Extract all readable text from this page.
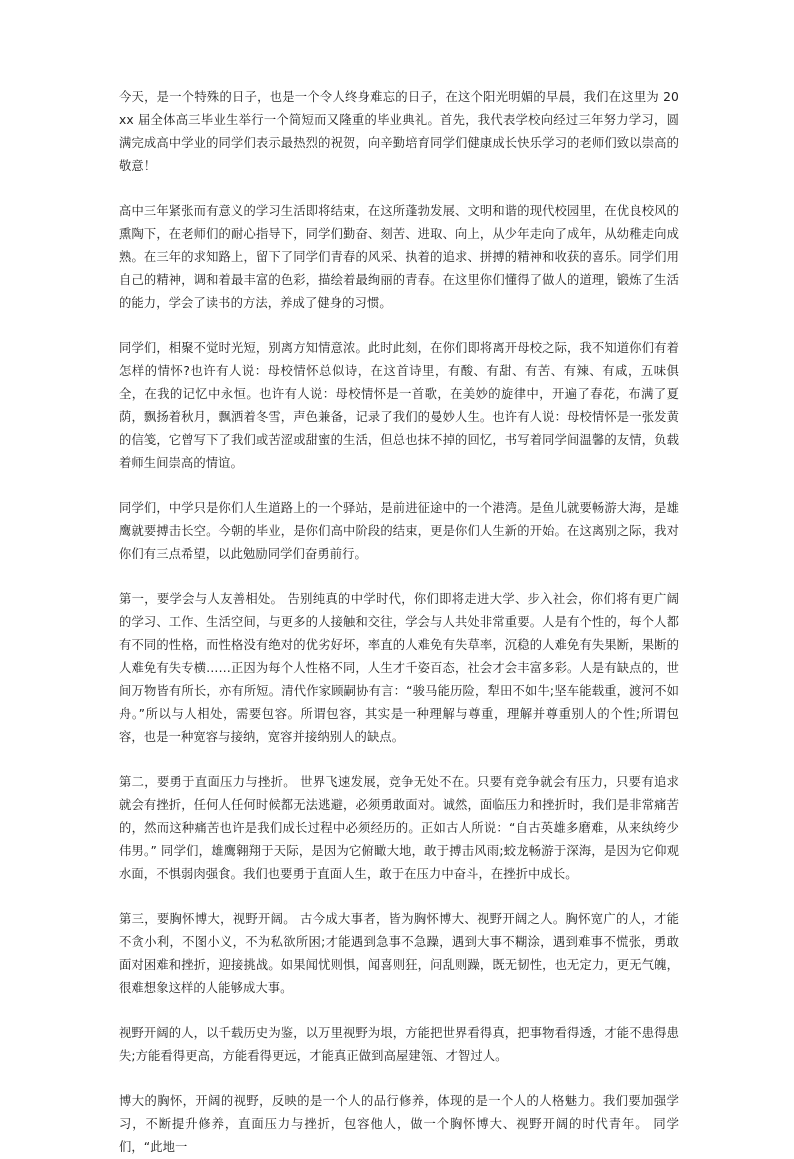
今天，是一个特殊的日子，也是一个令人终身难忘的日子，在这个阳光明媚的早晨，我们在这里为 20xx 届全体高三毕业生举行一个简短而又隆重的毕业典礼。首先，我代表学校向经过三年努力学习，圆满完成高中学业的同学们表示最热烈的祝贺，向辛勤培育同学们健康成长快乐学习的老师们致以崇高的敬意！

高中三年紧张而有意义的学习生活即将结束，在这所蓬勃发展、文明和谐的现代校园里，在优良校风的熏陶下，在老师们的耐心指导下，同学们勤奋、刻苦、进取、向上，从少年走向了成年，从幼稚走向成熟。在三年的求知路上，留下了同学们青春的风采、执着的追求、拼搏的精神和收获的喜乐。同学们用自己的精神，调和着最丰富的色彩，描绘着最绚丽的青春。在这里你们懂得了做人的道理，锻炼了生活的能力，学会了读书的方法，养成了健身的习惯。

同学们，相聚不觉时光短，别离方知情意浓。此时此刻，在你们即将离开母校之际，我不知道你们有着怎样的情怀?也许有人说：母校情怀总似诗，在这首诗里，有酸、有甜、有苦、有辣、有咸，五味俱全，在我的记忆中永恒。也许有人说：母校情怀是一首歌，在美妙的旋律中，开遍了春花，布满了夏荫，飘扬着秋月，飘洒着冬雪，声色兼备，记录了我们的曼妙人生。也许有人说：母校情怀是一张发黄的信笺，它曾写下了我们或苦涩或甜蜜的生活，但总也抹不掉的回忆，书写着同学间温馨的友情，负载着师生间崇高的情谊。

同学们，中学只是你们人生道路上的一个驿站，是前进征途中的一个港湾。是鱼儿就要畅游大海，是雄鹰就要搏击长空。今朝的毕业，是你们高中阶段的结束，更是你们人生新的开始。在这离别之际，我对你们有三点希望，以此勉励同学们奋勇前行。

第一，要学会与人友善相处。 告别纯真的中学时代，你们即将走进大学、步入社会，你们将有更广阔的学习、工作、生活空间，与更多的人接触和交往，学会与人共处非常重要。人是有个性的，每个人都有不同的性格，而性格没有绝对的优劣好坏，率直的人难免有失草率，沉稳的人难免有失果断，果断的人难免有失专横……正因为每个人性格不同，人生才千姿百态，社会才会丰富多彩。人是有缺点的，世间万物皆有所长，亦有所短。清代作家顾嗣协有言：“骏马能历险，犁田不如牛;坚车能载重，渡河不如舟。”所以与人相处，需要包容。所谓包容，其实是一种理解与尊重，理解并尊重别人的个性;所谓包容，也是一种宽容与接纳，宽容并接纳别人的缺点。

第二，要勇于直面压力与挫折。 世界飞速发展，竞争无处不在。只要有竞争就会有压力，只要有追求就会有挫折，任何人任何时候都无法逃避，必须勇敢面对。诚然，面临压力和挫折时，我们是非常痛苦的，然而这种痛苦也许是我们成长过程中必须经历的。正如古人所说：“自古英雄多磨难，从来纨绔少伟男。” 同学们，雄鹰翱翔于天际，是因为它俯瞰大地，敢于搏击风雨;蛟龙畅游于深海，是因为它仰观水面，不惧弱肉强食。我们也要勇于直面人生，敢于在压力中奋斗，在挫折中成长。

第三，要胸怀博大，视野开阔。 古今成大事者，皆为胸怀博大、视野开阔之人。胸怀宽广的人，才能不贪小利，不图小义，不为私欲所困;才能遇到急事不急躁，遇到大事不糊涂，遇到难事不慌张，勇敢面对困难和挫折，迎接挑战。如果闻忧则惧，闻喜则狂，问乱则躁，既无韧性，也无定力，更无气魄，很难想象这样的人能够成大事。

视野开阔的人，以千载历史为鉴，以万里视野为垠，方能把世界看得真，把事物看得透，才能不患得患失;方能看得更高，方能看得更远，才能真正做到高屋建瓴、才智过人。

博大的胸怀，开阔的视野，反映的是一个人的品行修养，体现的是一个人的人格魅力。我们要加强学习，不断提升修养，直面压力与挫折，包容他人，做一个胸怀博大、视野开阔的时代青年。 同学们，“此地一
